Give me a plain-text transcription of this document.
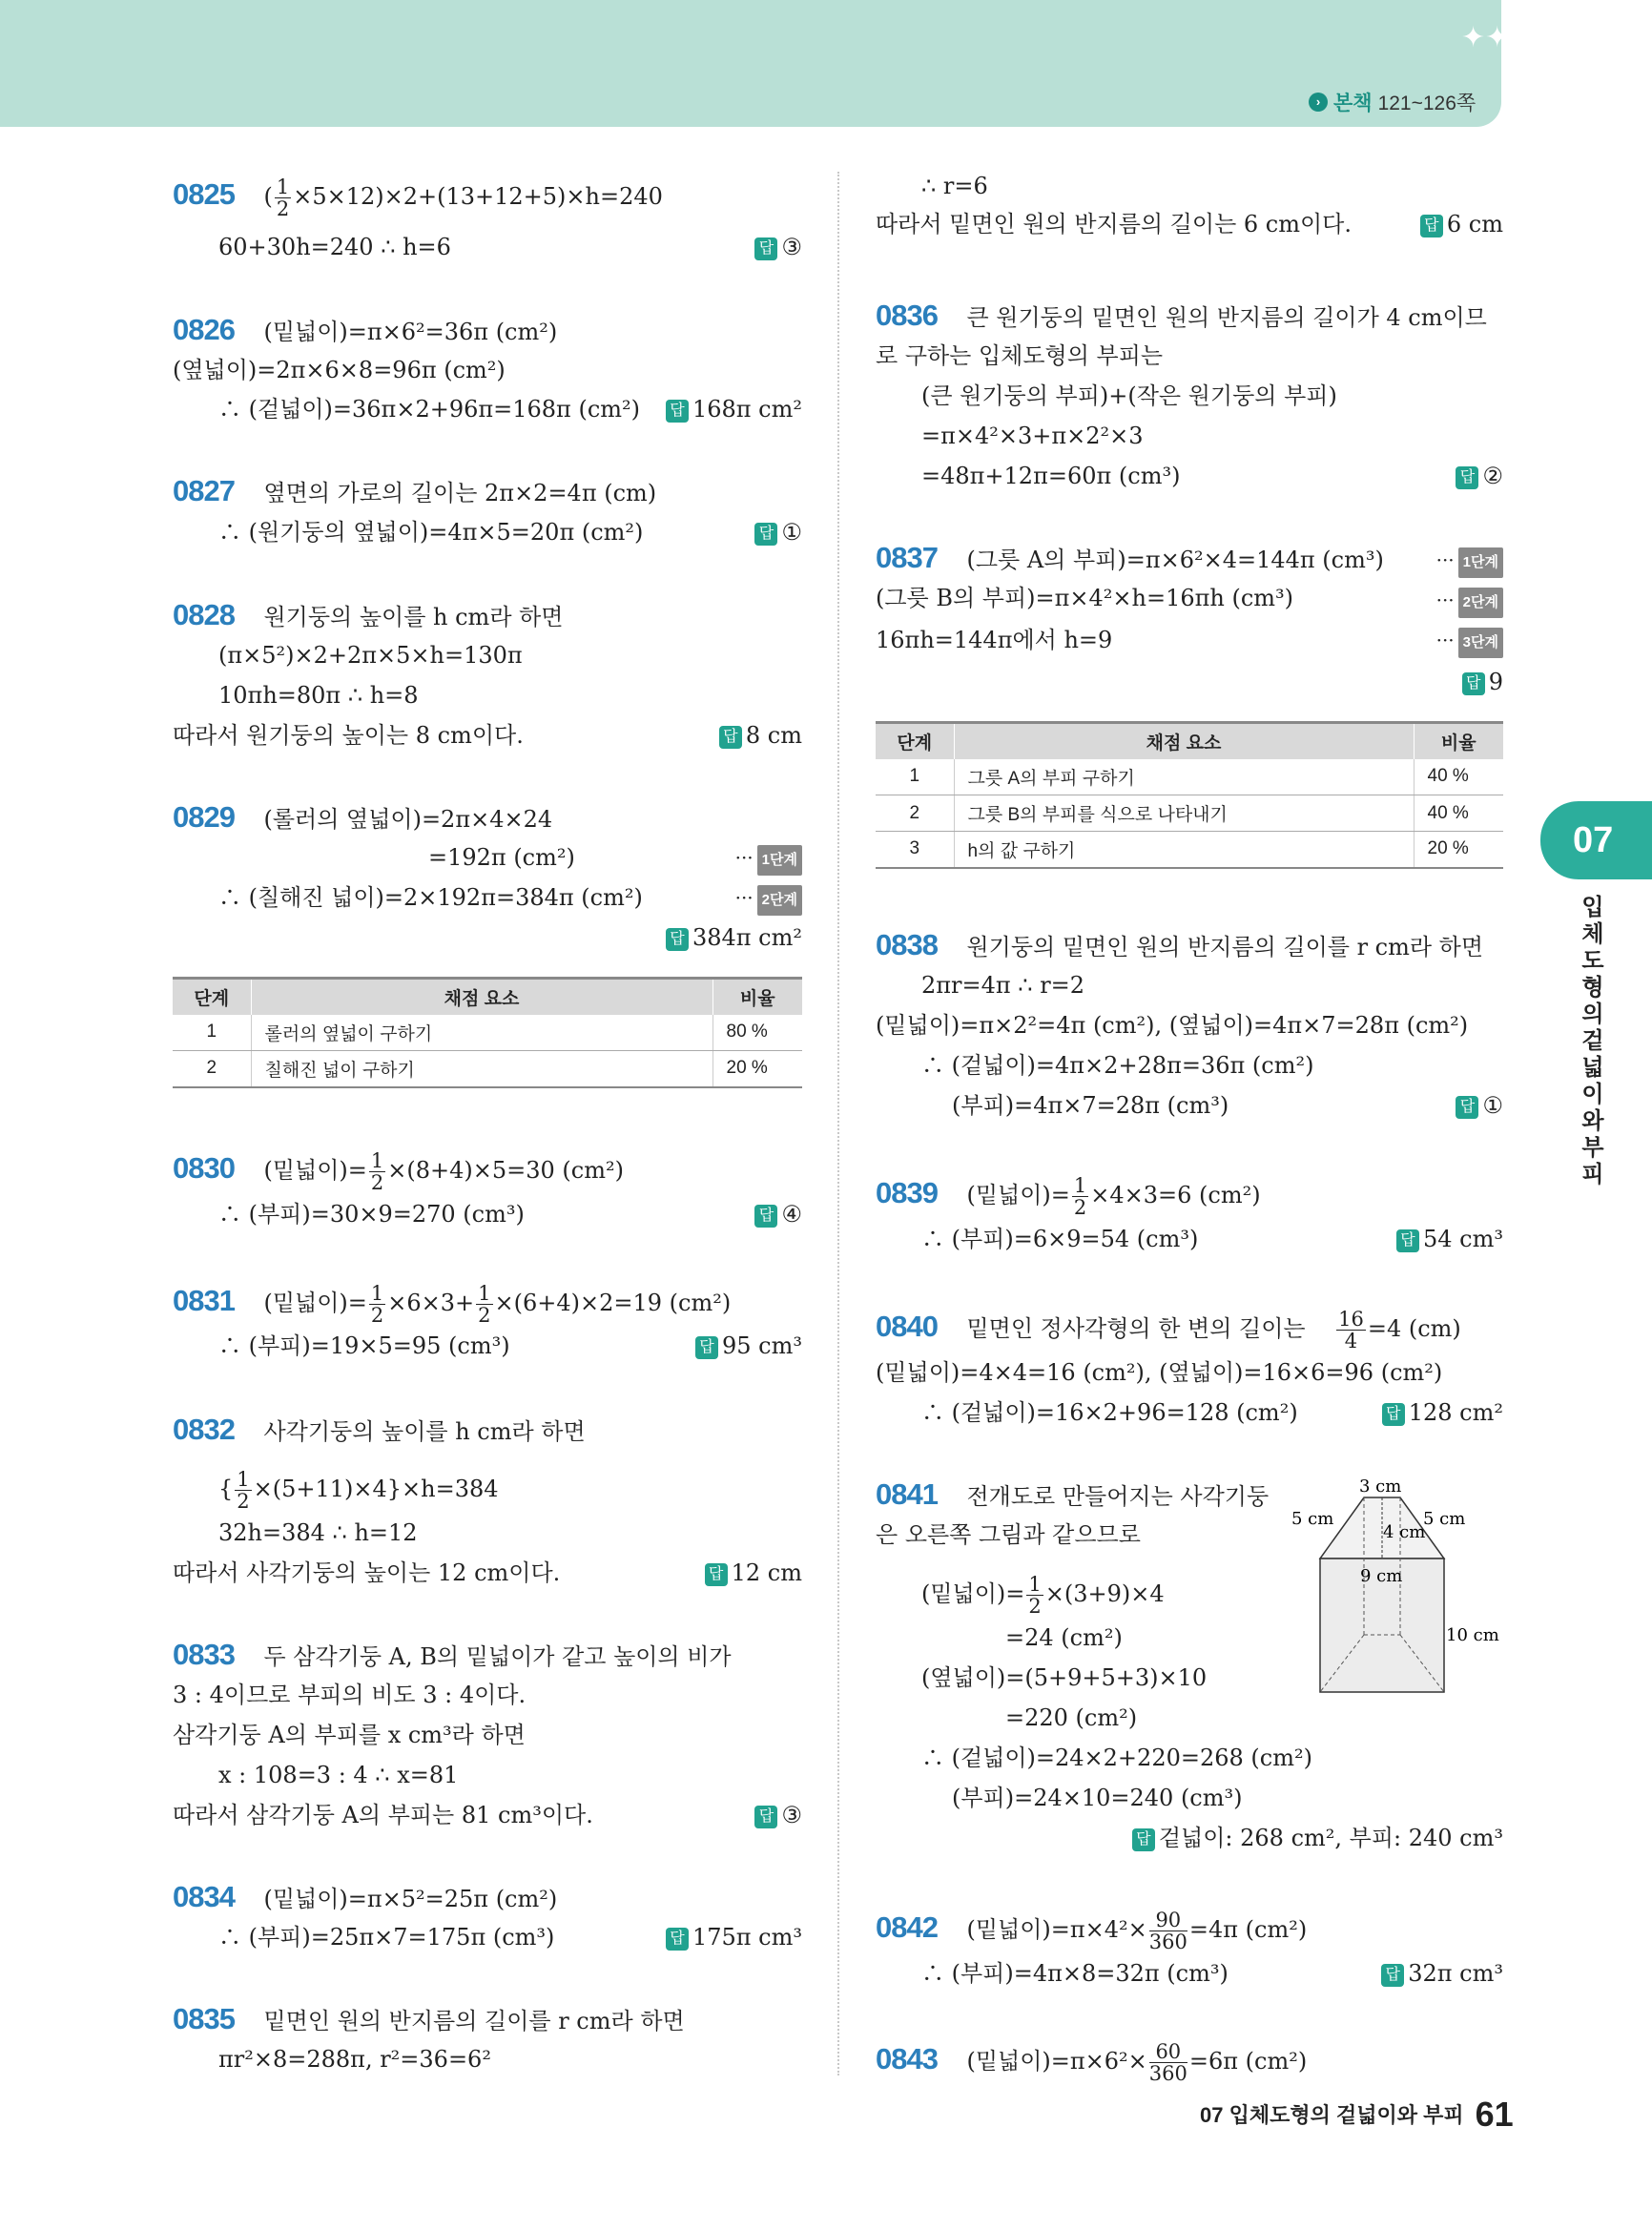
✦✦
› 본책 121~126쪽
0825 ( $\frac{1}{2} \times 5\times 12)\times 2+(13+12+5)\times h=240$
60+30h=240 ∴ h=6	답 ③
0826 (밑넓이)=π×6²=36π (cm²)
(옆넓이)=2π×6×8=96π (cm²)
∴ (겉넓이)=36π×2+96π=168π (cm²) 답 168π cm²
0827 옆면의 가로의 길이는 2π×2=4π (cm)
∴ (원기둥의 옆넓이)=4π×5=20π (cm²)	답 ①
0828 원기둥의 높이를 h cm라 하면
(π×5²)×2+2π×5×h=130π
10πh=80π ∴ h=8
따라서 원기둥의 높이는 8 cm이다.	답 8 cm
0829 (롤러의 옆넓이)=2π×4×24
=192π (cm²)	··· 1단계
∴ (칠해진 넓이)=2×192π=384π (cm²)	··· 2단계
답 384π cm²
단계	채점 요소	비율
1	롤러의 옆넓이 구하기	80 %
2	칠해진 넓이 구하기	20 %
0830 (밑넓이)= $\frac{1}{2} \times(8+4)\times 5=30$ (cm²)
∴ (부피)=30×9=270 (cm³)	답 ④
0831 (밑넓이)= $\frac{1}{2} \times 6\times 3+ \frac{1}{2} \times(6+4)\times 2=19$ (cm²)
∴ (부피)=19×5=95 (cm³)	답 95 cm³
0832 사각기둥의 높이를 h cm라 하면
{ $\frac{1}{2} \times(5+11)\times 4\}\times h=384$
32h=384 ∴ h=12
따라서 사각기둥의 높이는 12 cm이다.	답 12 cm
0833 두 삼각기둥 A, B의 밑넓이가 같고 높이의 비가
3 : 4이므로 부피의 비도 3 : 4이다.
삼각기둥 A의 부피를 x cm³라 하면
x : 108=3 : 4 ∴ x=81
따라서 삼각기둥 A의 부피는 81 cm³이다.	답 ③
0834 (밑넓이)=π×5²=25π (cm²)
∴ (부피)=25π×7=175π (cm³)	답 175π cm³
0835 밑면인 원의 반지름의 길이를 r cm라 하면
πr²×8=288π, r²=36=6²
∴ r=6
따라서 밑면인 원의 반지름의 길이는 6 cm이다.	답 6 cm
0836 큰 원기둥의 밑면인 원의 반지름의 길이가 4 cm이므
로 구하는 입체도형의 부피는
(큰 원기둥의 부피)+(작은 원기둥의 부피)
=π×4²×3+π×2²×3
=48π+12π=60π (cm³)	답 ②
0837 (그릇 A의 부피)=π×6²×4=144π (cm³)	··· 1단계
(그릇 B의 부피)=π×4²×h=16πh (cm³)	··· 2단계
16πh=144π에서 h=9	··· 3단계
답 9
단계	채점 요소	비율
1	그릇 A의 부피 구하기	40 %
2	그릇 B의 부피를 식으로 나타내기	40 %
3	h의 값 구하기	20 %
0838 원기둥의 밑면인 원의 반지름의 길이를 r cm라 하면
2πr=4π ∴ r=2
(밑넓이)=π×2²=4π (cm²), (옆넓이)=4π×7=28π (cm²)
∴ (겉넓이)=4π×2+28π=36π (cm²)
(부피)=4π×7=28π (cm³)	답 ①
0839 (밑넓이)= $\frac{1}{2} \times 4\times 3=6$ (cm²)
∴ (부피)=6×9=54 (cm³)	답 54 cm³
0840 밑면인 정사각형의 한 변의 길이는 $\frac{16}{4} =4$ (cm)
(밑넓이)=4×4=16 (cm²), (옆넓이)=16×6=96 (cm²)
∴ (겉넓이)=16×2+96=128 (cm²)	답 128 cm²
0841 전개도로 만들어지는 사각기둥
은 오른쪽 그림과 같으므로
(밑넓이)= $\frac{1}{2} \times(3+9)\times 4$
=24 (cm²)
(옆넓이)=(5+9+5+3)×10
=220 (cm²)
∴ (겉넓이)=24×2+220=268 (cm²)
(부피)=24×10=240 (cm³)
답 겉넓이: 268 cm², 부피: 240 cm³
0842 (밑넓이)$=\pi\times 4^2\times \frac{90}{360} =4\pi$ (cm²)
∴ (부피)=4π×8=32π (cm³)	답 32π cm³
0843 (밑넓이)$=\pi\times 6^2\times \frac{60}{360} =6\pi$ (cm²)
3 cm
5 cm	5 cm
4 cm
9 cm
10 cm
07
입체도형의 겉넓이와 부피
07 입체도형의 겉넓이와 부피 61
